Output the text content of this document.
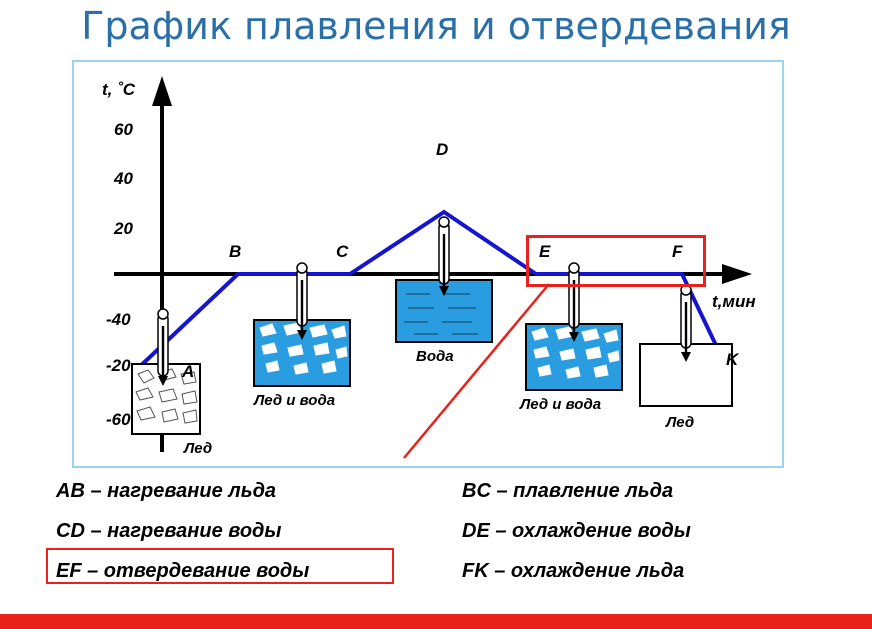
График плавления и отвердевания
t, ˚C
t,мин
60
40
20
-40
-20
-60
A
B	C
D
E	F
K
Лед
Лед и вода
Вода
Лед и вода
Лед
AB – нагревание льда	BC – плавление льда
CD – нагревание воды	DE – охлаждение воды
EF – отвердевание воды	FK – охлаждение льда
